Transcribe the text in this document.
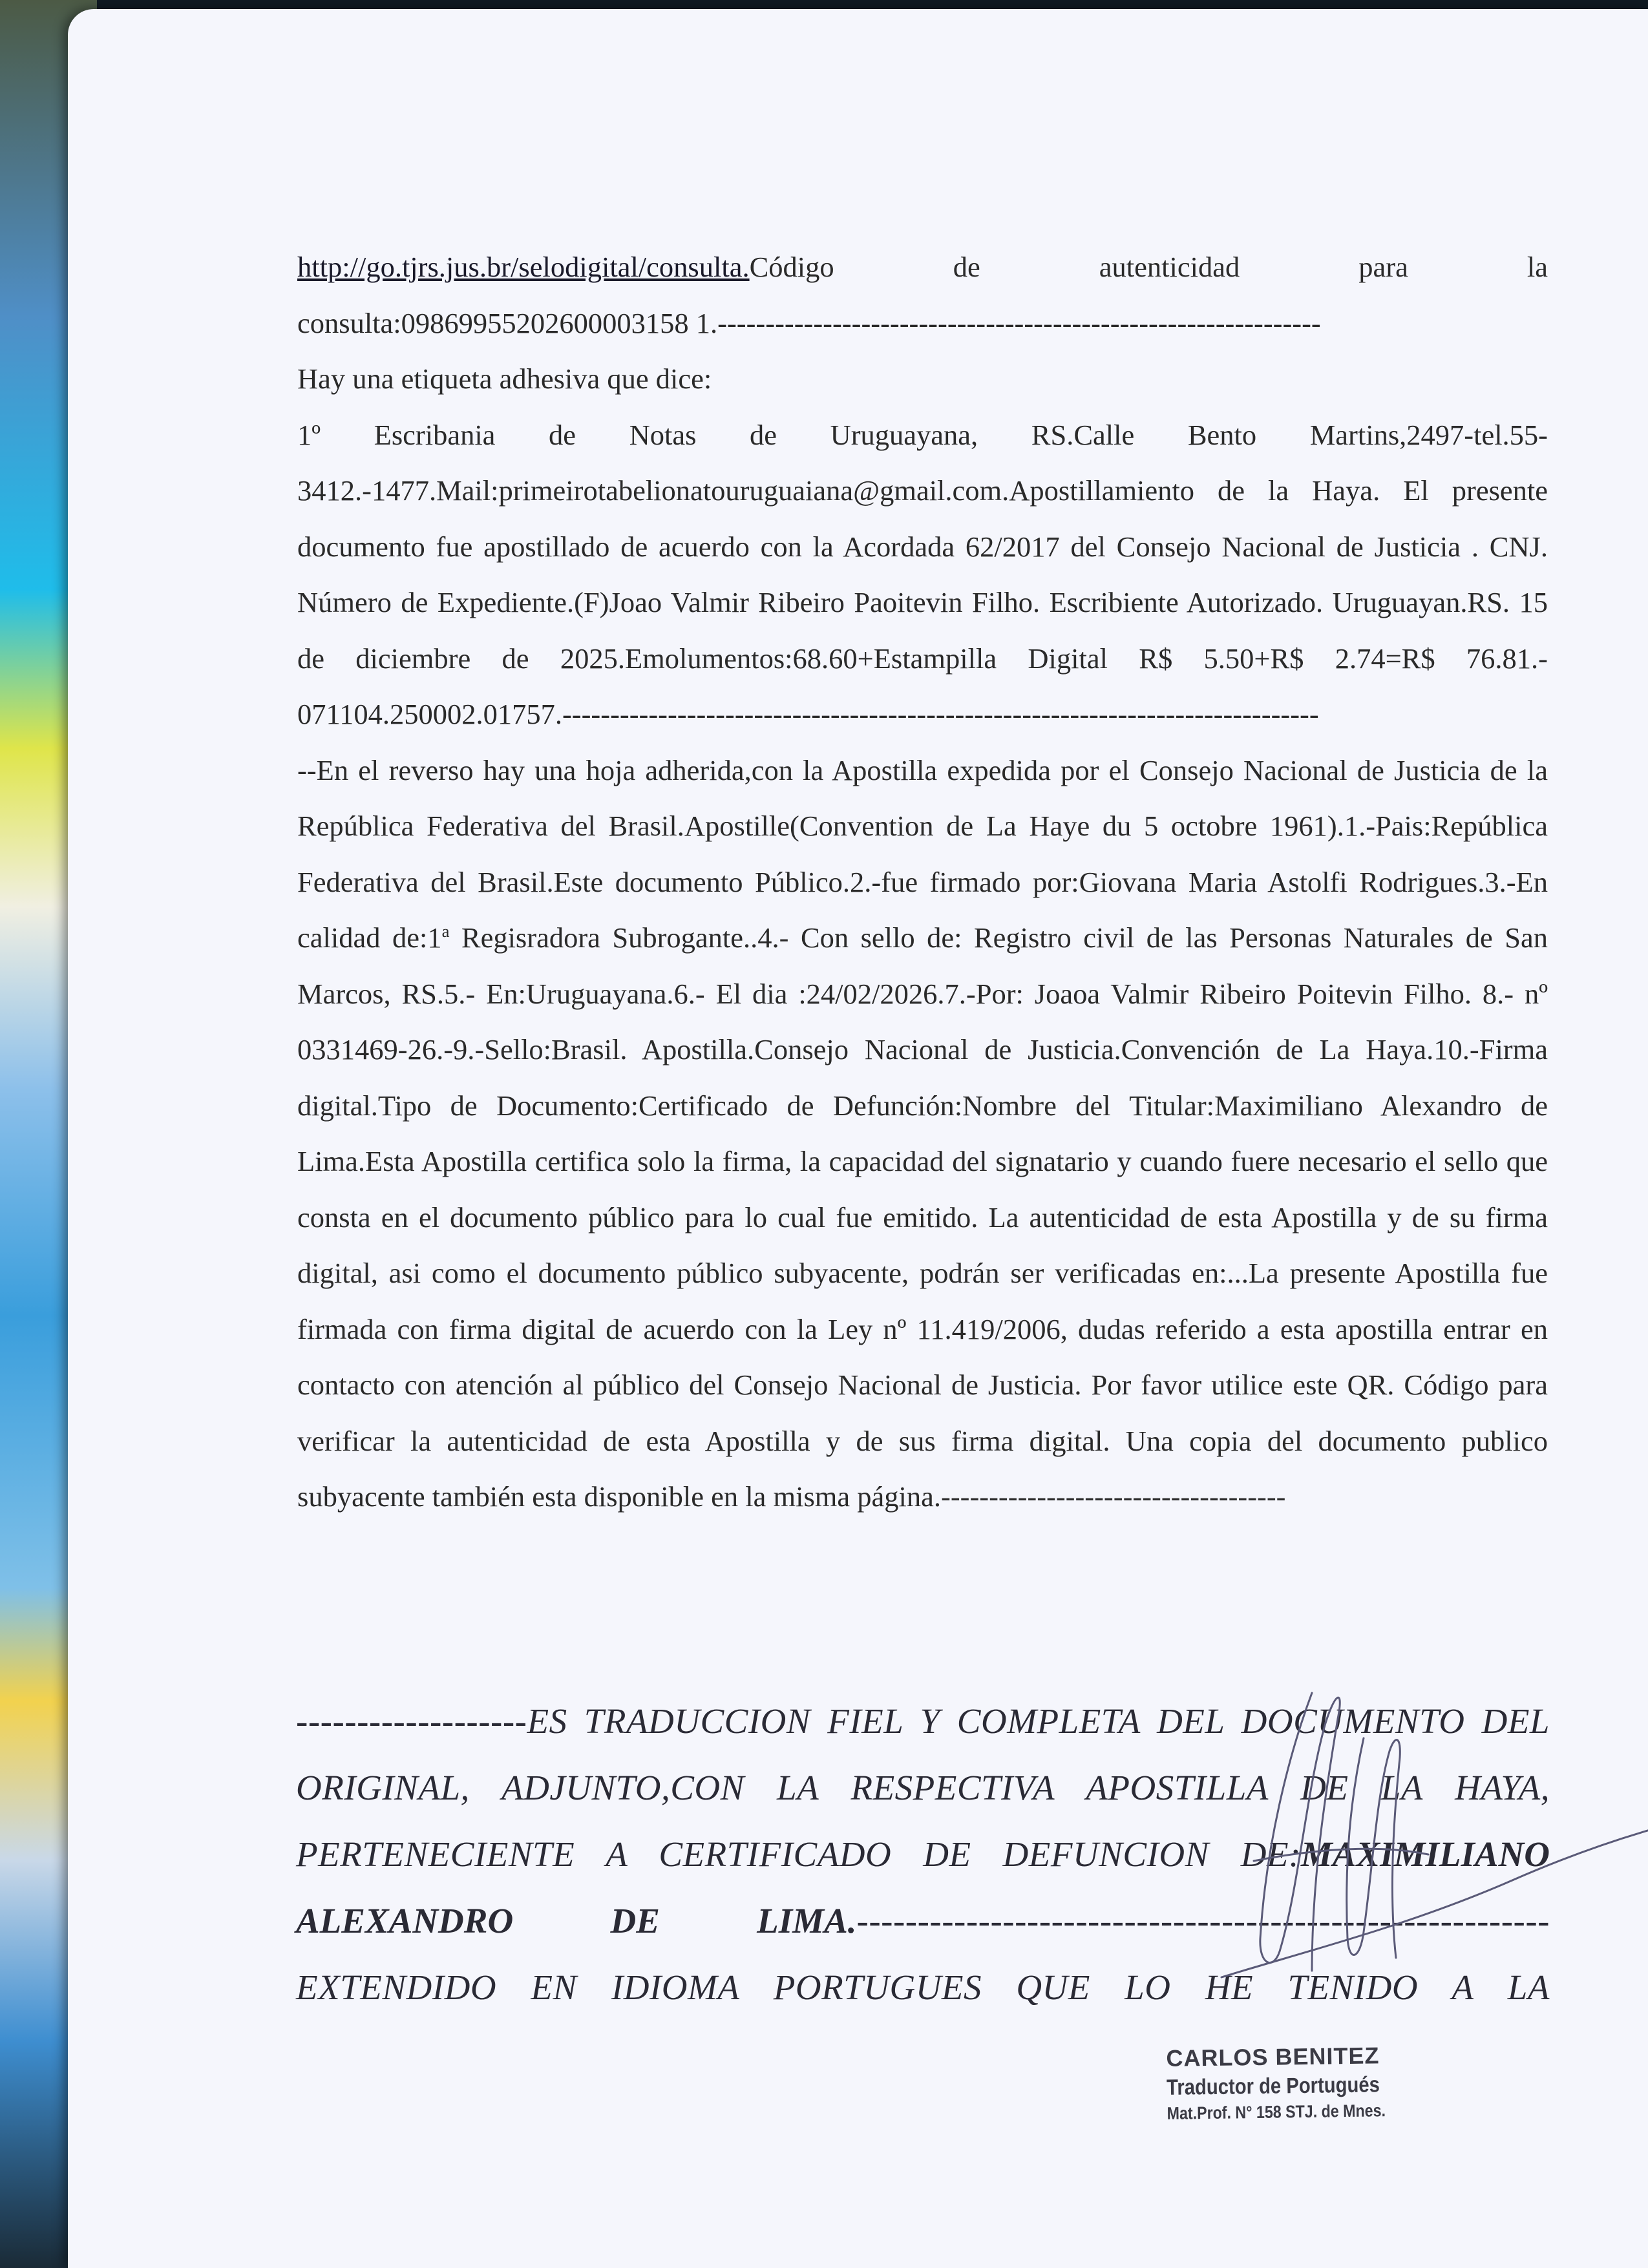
http://go.tjrs.jus.br/selodigital/consulta.Código de autenticidad para la

consulta:09869955202600003158 1.---------------------------------------------------------------

Hay una etiqueta adhesiva que dice:

1º Escribania de Notas de Uruguayana, RS.Calle Bento Martins,2497-tel.55-3412.-1477.Mail:primeirotabelionatouruguaiana@gmail.com.Apostillamiento de la Haya. El presente documento fue apostillado de acuerdo con la Acordada 62/2017 del Consejo Nacional de Justicia . CNJ. Número de Expediente.(F)Joao Valmir Ribeiro Paoitevin Filho. Escribiente Autorizado. Uruguayan.RS. 15 de diciembre de 2025.Emolumentos:68.60+Estampilla Digital R$ 5.50+R$ 2.74=R$ 76.81.-

071104.250002.01757.-------------------------------------------------------------------------------

--En el reverso hay una hoja adherida,con la Apostilla expedida por el Consejo Nacional de Justicia de la República Federativa del Brasil.Apostille(Convention de La Haye du 5 octobre 1961).1.-Pais:República Federativa del Brasil.Este documento Público.2.-fue firmado por:Giovana Maria Astolfi Rodrigues.3.-En calidad de:1$^a$ Regisradora Subrogante..4.- Con sello de: Registro civil de las Personas Naturales de San Marcos, RS.5.- En:Uruguayana.6.- El dia :24/02/2026.7.-Por: Joaoa Valmir Ribeiro Poitevin Filho. 8.- nº 0331469-26.-9.-Sello:Brasil. Apostilla.Consejo Nacional de Justicia.Convención de La Haya.10.-Firma digital.Tipo de Documento:Certificado de Defunción:Nombre del Titular:Maximiliano Alexandro de Lima.Esta Apostilla certifica solo la firma, la capacidad del signatario y cuando fuere necesario el sello que consta en el documento público para lo cual fue emitido. La autenticidad de esta Apostilla y de su firma digital, asi como el documento público subyacente, podrán ser verificadas en:...La presente Apostilla fue firmada con firma digital de acuerdo con la Ley nº 11.419/2006, dudas referido a esta apostilla entrar en contacto con atención al público del Consejo Nacional de Justicia. Por favor utilice este QR. Código para verificar la autenticidad de esta Apostilla y de sus firma digital. Una copia del documento publico subyacente también esta disponible en la misma página.------------------------------------

-------------------ES TRADUCCION FIEL Y COMPLETA DEL DOCUMENTO DEL ORIGINAL, ADJUNTO,CON LA RESPECTIVA APOSTILLA DE LA HAYA, PERTENECIENTE A CERTIFICADO DE DEFUNCION DE:MAXIMILIANO ALEXANDRO DE LIMA.---------------------------------------------------------EXTENDIDO EN IDIOMA PORTUGUES QUE LO HE TENIDO A LA

CARLOS BENITEZ

Traductor de Portugués

Mat.Prof. N° 158 STJ. de Mnes.
